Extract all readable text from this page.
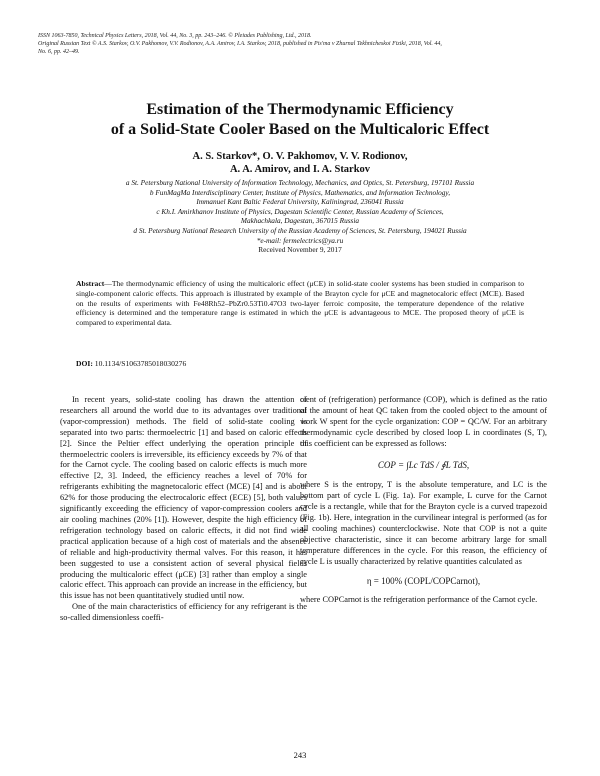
ISSN 1063-7850, Technical Physics Letters, 2018, Vol. 44, No. 3, pp. 243–246. © Pleiades Publishing, Ltd., 2018.
Original Russian Text © A.S. Starkov, O.V. Pakhomov, V.V. Rodionov, A.A. Amirov, I.A. Starkov, 2018, published in Pis'ma v Zhurnal Tekhnicheskoi Fiziki, 2018, Vol. 44,
No. 6, pp. 42–49.
Estimation of the Thermodynamic Efficiency
of a Solid-State Cooler Based on the Multicaloric Effect
A. S. Starkov*, O. V. Pakhomov, V. V. Rodionov,
A. A. Amirov, and I. A. Starkov
a St. Petersburg National University of Information Technology, Mechanics, and Optics, St. Petersburg, 197101 Russia
b FunMagMa Interdisciplinary Center, Institute of Physics, Mathematics, and Information Technology,
Immanuel Kant Baltic Federal University, Kaliningrad, 236041 Russia
c Kh.I. Amirkhanov Institute of Physics, Dagestan Scientific Center, Russian Academy of Sciences,
Makhachkala, Dagestan, 367015 Russia
d St. Petersburg National Research University of the Russian Academy of Sciences, St. Petersburg, 194021 Russia
*e-mail: fermelectrics@ya.ru
Received November 9, 2017
Abstract—The thermodynamic efficiency of using the multicaloric effect (μCE) in solid-state cooler systems has been studied in comparison to single-component caloric effects. This approach is illustrated by example of the Brayton cycle for μCE and magnetocaloric effect (MCE). Based on the results of experiments with Fe48Rh52–PbZr0.53Ti0.47O3 two-layer ferroic composite, the temperature dependence of the relative efficiency is determined and the temperature range is estimated in which the μCE is advantageous to MCE. The proposed theory of μCE is compared to experimental data.
DOI: 10.1134/S1063785018030276

In recent years, solid-state cooling has drawn the attention of researchers all around the world due to its advantages over traditional (vapor-compression) methods. The field of solid-state cooling is separated into two parts: thermoelectric [1] and based on caloric effects [2]. Since the Peltier effect underlying the operation principle of thermoelectric coolers is irreversible, its efficiency exceeds by 7% of that for the Carnot cycle. The cooling based on caloric effects is much more effective [2, 3]. Indeed, the efficiency reaches a level of 70% for refrigerants exhibiting the magnetocaloric effect (MCE) [4] and is about 62% for those producing the electrocaloric effect (ECE) [5], both values significantly exceeding the efficiency of vapor-compression coolers and air cooling machines (20% [1]). However, despite the high efficiency of refrigeration technology based on caloric effects, it did not find wide practical application because of a high cost of materials and the absence of reliable and high-productivity thermal valves. For this reason, it has been suggested to use a consistent action of several physical fields producing the multicaloric effect (μCE) [3] rather than employ a single caloric effect. This approach can provide an increase in the efficiency, but this issue has not been quantitatively studied until now.

One of the main characteristics of efficiency for any refrigerant is the so-called dimensionless coeffi-

cient of (refrigeration) performance (COP), which is defined as the ratio of the amount of heat QC taken from the cooled object to the amount of work W spent for the cycle organization: COP = QC/W. For an arbitrary thermodynamic cycle described by closed loop L in coordinates (S, T), this coefficient can be expressed as follows:

COP = ∫Lc TdS / ∮L TdS,

where S is the entropy, T is the absolute temperature, and LC is the bottom part of cycle L (Fig. 1a). For example, L curve for the Carnot cycle is a rectangle, while that for the Brayton cycle is a curved trapezoid (Fig. 1b). Here, integration in the curvilinear integral is performed (as for all cooling machines) counterclockwise. Note that COP is not a quite objective characteristic, since it can become arbitrary large for small temperature differences in the cycle. For this reason, the efficiency of cycle L is usually characterized by relative quantities calculated as

η = 100% (COPL/COPCarnot),

where COPCarnot is the refrigeration performance of the Carnot cycle.

243
